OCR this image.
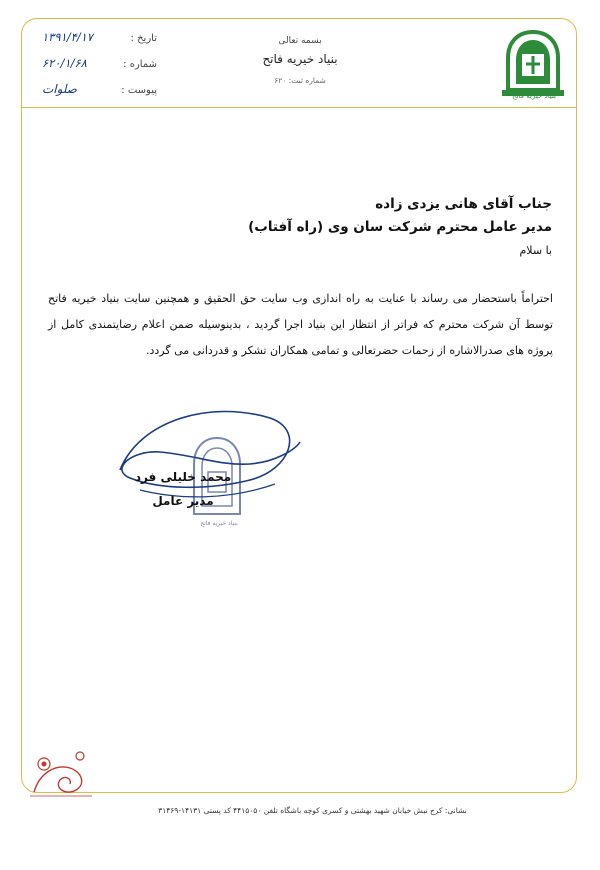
تاریخ :
۱۳۹۱/۴/۱۷
شماره :
۶۲۰/۱/۶۸
پیوست :
صلوات
بسمه تعالی
بنیاد خیریه فاتح
شماره ثبت: ۶۲۰
بنیاد خیریه فاتح
جناب آقای هانی یزدی زاده
مدیر عامل محترم شرکت سان وی (راه آفتاب)
با سلام
احتراماً باستحضار می رساند با عنایت به راه اندازی وب سایت حق الحقیق و همچنین سایت بنیاد خیریه فاتح توسط آن شرکت محترم که فراتر از انتظار این بنیاد اجرا گردید ، بدینوسیله ضمن اعلام رضایتمندی کامل از پروژه های صدرالاشاره از زحمات حضرتعالی و تمامی همکاران تشکر و قدردانی می گردد.
بنیاد خیریه فاتح
محمد خلیلی فرد
مدیر عامل
نشانی: کرج نبش خیابان شهید بهشتی و کسری کوچه باشگاه تلفن ۴۴۱۵۰۵۰ کد پستی ۱۴۱۳۱-۳۱۴۶۹
